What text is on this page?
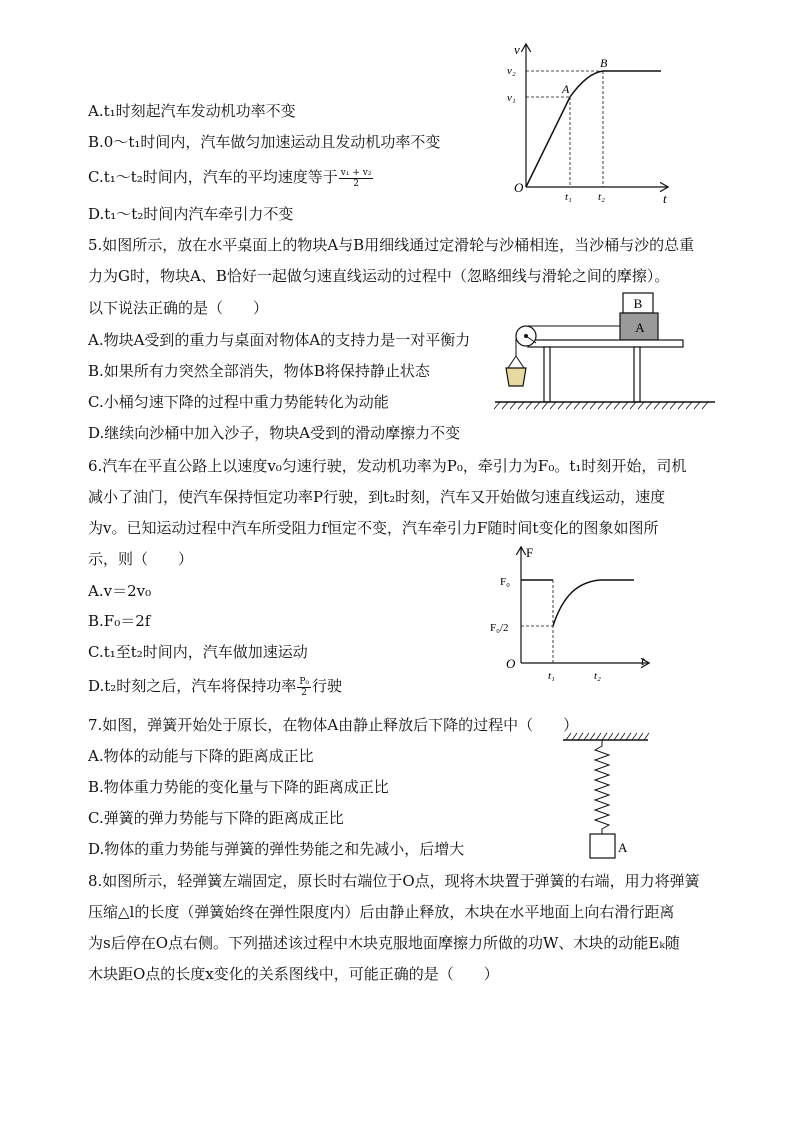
A.t₁时刻起汽车发动机功率不变
B.0～t₁时间内，汽车做匀加速运动且发动机功率不变
C.t₁～t₂时间内，汽车的平均速度等于 $\frac{\text{v₁ + v₂}}{2}$
D.t₁～t₂时间内汽车牵引力不变
v
t
O
v₁
v₂
t₁ t₂
A
B
5.如图所示，放在水平桌面上的物块A与B用细线通过定滑轮与沙桶相连，当沙桶与沙的总重
力为G时，物块A、B恰好一起做匀速直线运动的过程中（忽略细线与滑轮之间的摩擦）。
以下说法正确的是（　　）
A.物块A受到的重力与桌面对物体A的支持力是一对平衡力
B.如果所有力突然全部消失，物体B将保持静止状态
C.小桶匀速下降的过程中重力势能转化为动能
D.继续向沙桶中加入沙子，物块A受到的滑动摩擦力不变
B
A
6.汽车在平直公路上以速度v₀匀速行驶，发动机功率为P₀，牵引力为F₀。t₁时刻开始，司机
减小了油门，使汽车保持恒定功率P行驶，到t₂时刻，汽车又开始做匀速直线运动，速度
为v。已知运动过程中汽车所受阻力f恒定不变，汽车牵引力F随时间t变化的图象如图所
示，则（　　）
A.v＝2v₀
B.F₀＝2f
C.t₁至t₂时间内，汽车做加速运动
D.t₂时刻之后，汽车将保持功率 $\frac{\text{P₀}}{2}$ 行驶
F
t
O
F₀
F₀/2
t₁	t₂
7.如图，弹簧开始处于原长，在物体A由静止释放后下降的过程中（　　）
A.物体的动能与下降的距离成正比
B.物体重力势能的变化量与下降的距离成正比
C.弹簧的弹力势能与下降的距离成正比
D.物体的重力势能与弹簧的弹性势能之和先减小，后增大	A
8.如图所示，轻弹簧左端固定，原长时右端位于O点，现将木块置于弹簧的右端，用力将弹簧
压缩△l的长度（弹簧始终在弹性限度内）后由静止释放，木块在水平地面上向右滑行距离
为s后停在O点右侧。下列描述该过程中木块克服地面摩擦力所做的功W、木块的动能Eₖ随
木块距O点的长度x变化的关系图线中，可能正确的是（　　）
